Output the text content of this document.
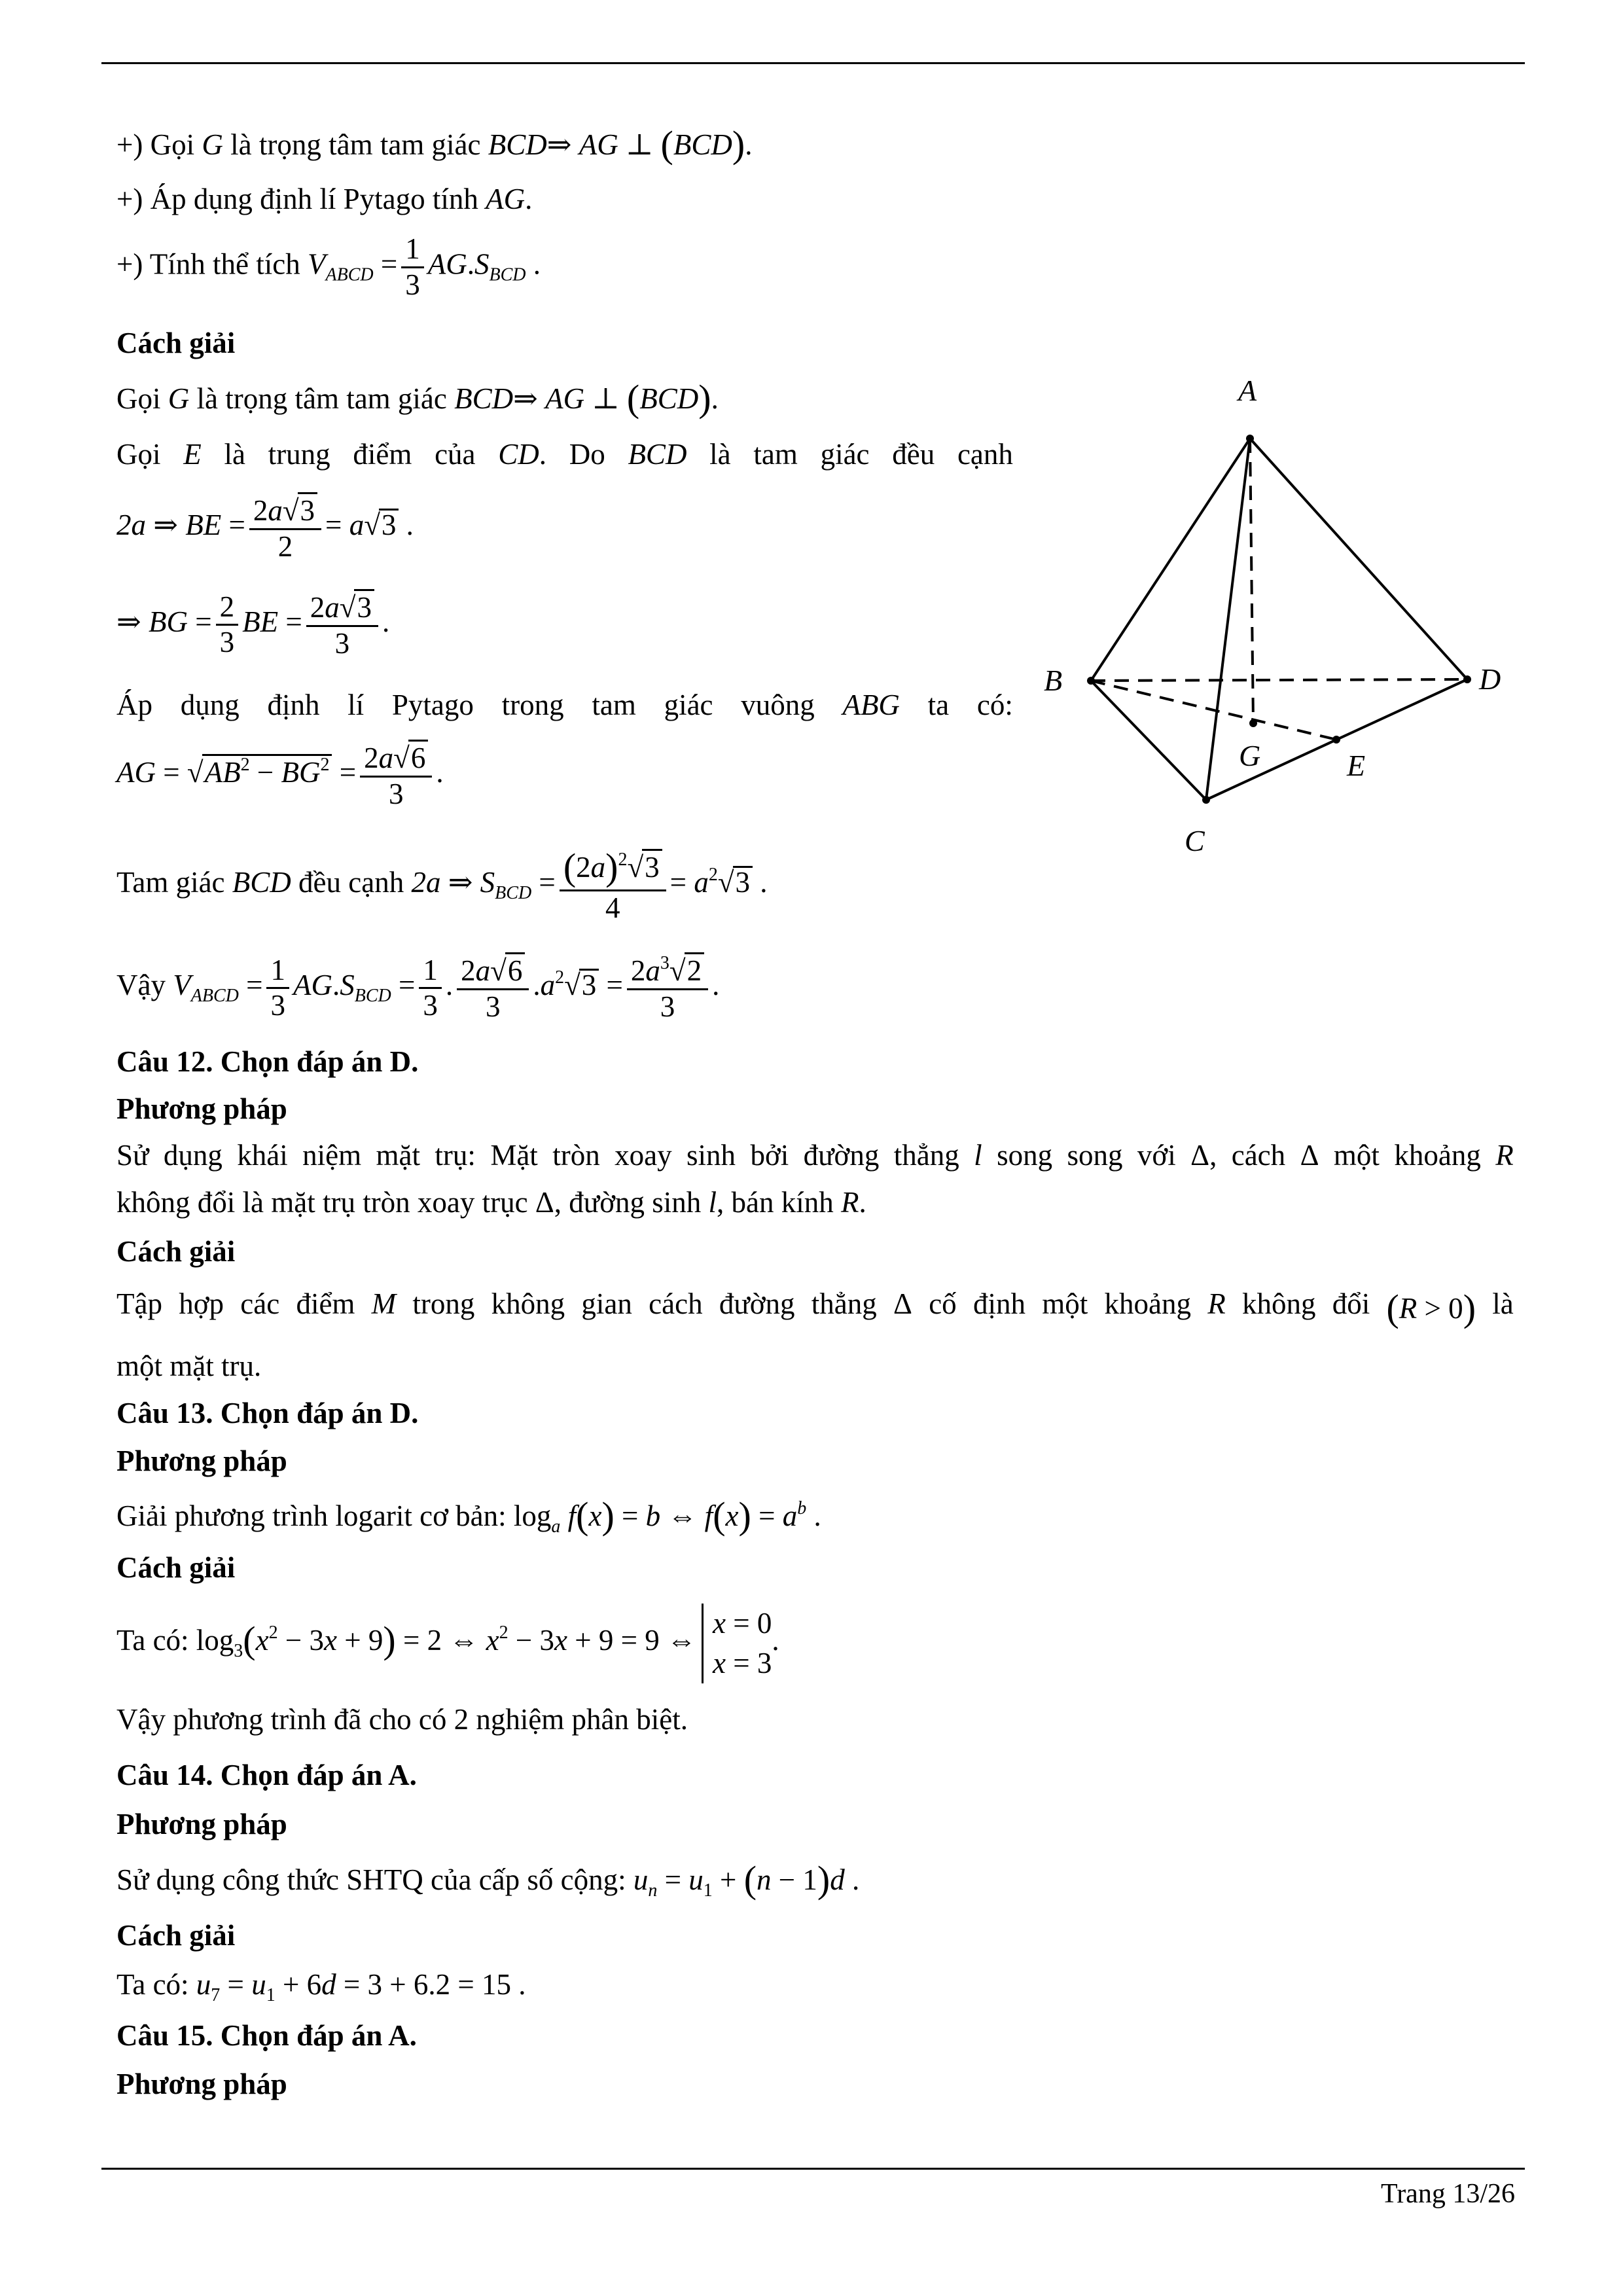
+) Gọi G là trọng tâm tam giác BCD⇒ AG ⊥ (BCD).
+) Áp dụng định lí Pytago tính AG.
+) Tính thể tích $V_{ABCD} = \frac{1}{3} AG.S_{BCD}$ .
Cách giải
Gọi G là trọng tâm tam giác BCD⇒ AG ⊥ (BCD).
Gọi E là trung điểm của CD. Do BCD là tam giác đều cạnh
2a ⇒ BE = $\frac{2a√3}{2} = a√3$ .
⇒ BG = $\frac{2}{3}$ BE = $\frac{2a√3}{3}$ .
Áp dụng định lí Pytago trong tam giác vuông ABG ta có:
AG = $√AB^2 - BG^2 = \frac{2a√6}{3}$ .
Tam giác BCD đều cạnh 2a ⇒ $S_{BCD} = \frac{(2a)^2√3}{4} = a^2√3$ .
Vậy $V_{ABCD} = \frac{1}{3} AG.S_{BCD} = \frac{1}{3}$ . $\frac{2a√6}{3} .a^2√3 = \frac{2a^3√2}{3}$ .
Câu 12. Chọn đáp án D.
Phương pháp
Sử dụng khái niệm mặt trụ: Mặt tròn xoay sinh bởi đường thẳng l song song với Δ, cách Δ một khoảng R
không đổi là mặt trụ tròn xoay trục Δ, đường sinh l, bán kính R.
Cách giải
Tập hợp các điểm M trong không gian cách đường thẳng Δ cố định một khoảng R không đổi (R > 0) là
một mặt trụ.
Câu 13. Chọn đáp án D.
Phương pháp
Giải phương trình logarit cơ bản: $\log_a f(x) = b$ ⇔ $f(x) = a^b$ .
Cách giải
Ta có: $\log_3(x^2 - 3x + 9) = 2$ ⇔ $x^2 - 3x + 9 = 9$ ⇔
x = 0
x = 3
.
Vậy phương trình đã cho có 2 nghiệm phân biệt.
Câu 14. Chọn đáp án A.
Phương pháp
Sử dụng công thức SHTQ của cấp số cộng: $u_n = u_1 + (n - 1)d$ .
Cách giải
Ta có: $u_7 = u_1 + 6d = 3 + 6.2 = 15$ .
Câu 15. Chọn đáp án A.
Phương pháp
A
B
C
D
G	E
Trang 13/26
